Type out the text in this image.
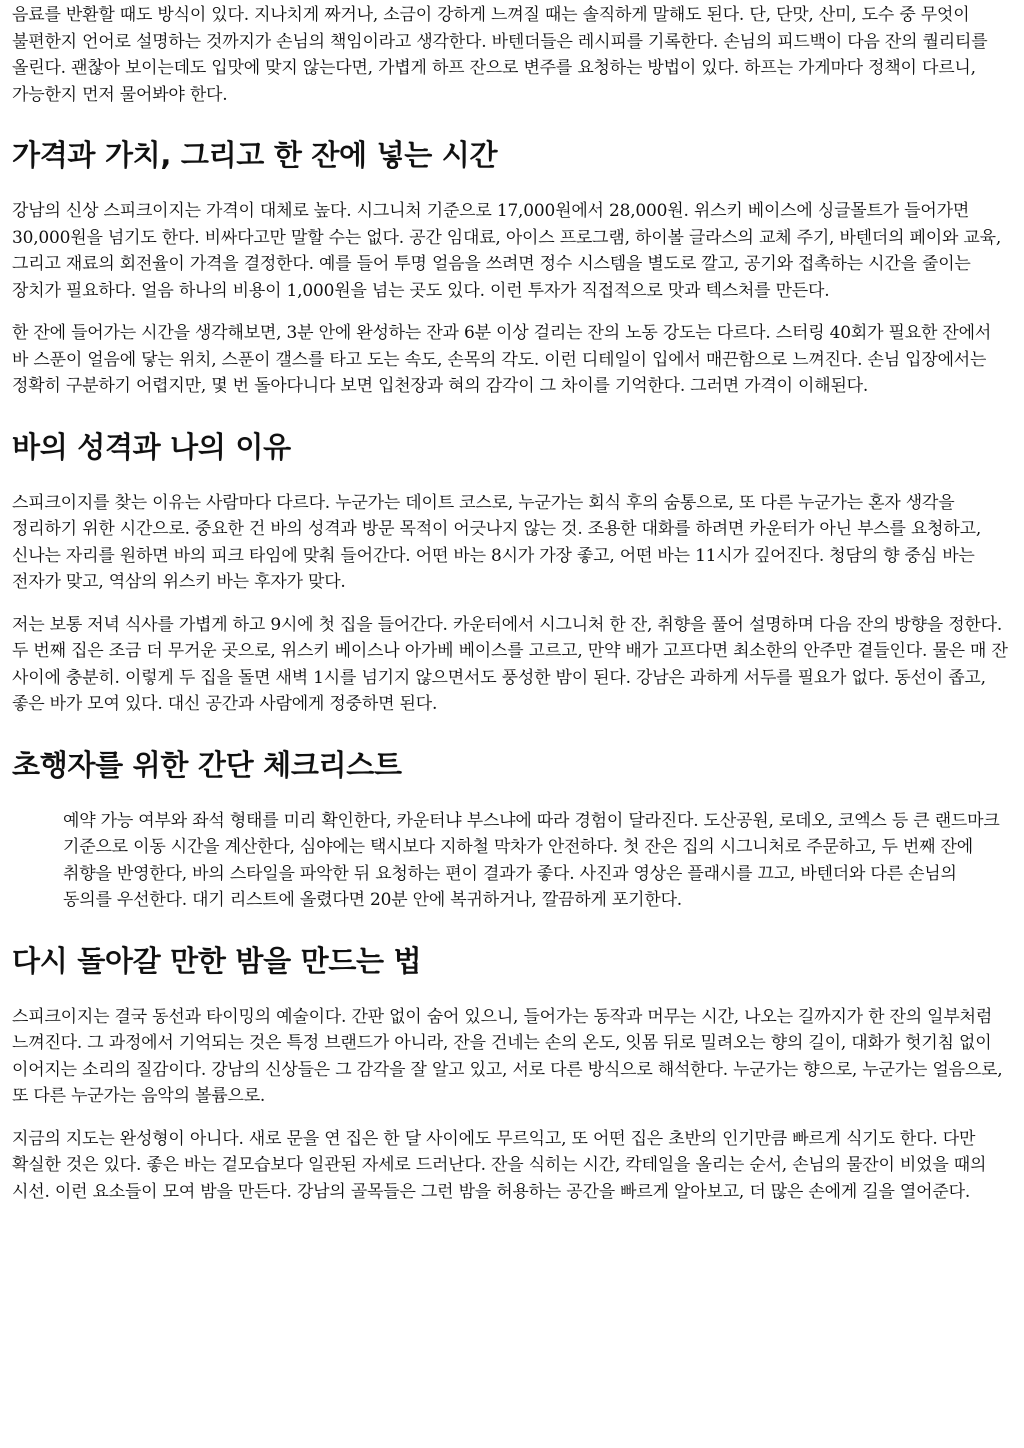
음료를 반환할 때도 방식이 있다. 지나치게 짜거나, 소금이 강하게 느껴질 때는 솔직하게 말해도 된다. 단, 단맛, 산미, 도수 중 무엇이 불편한지 언어로 설명하는 것까지가 손님의 책임이라고 생각한다. 바텐더들은 레시피를 기록한다. 손님의 피드백이 다음 잔의 퀄리티를 올린다. 괜찮아 보이는데도 입맛에 맞지 않는다면, 가볍게 하프 잔으로 변주를 요청하는 방법이 있다. 하프는 가게마다 정책이 다르니, 가능한지 먼저 물어봐야 한다.

가격과 가치, 그리고 한 잔에 넣는 시간

강남의 신상 스피크이지는 가격이 대체로 높다. 시그니처 기준으로 17,000원에서 28,000원. 위스키 베이스에 싱글몰트가 들어가면 30,000원을 넘기도 한다. 비싸다고만 말할 수는 없다. 공간 임대료, 아이스 프로그램, 하이볼 글라스의 교체 주기, 바텐더의 페이와 교육, 그리고 재료의 회전율이 가격을 결정한다. 예를 들어 투명 얼음을 쓰려면 정수 시스템을 별도로 깔고, 공기와 접촉하는 시간을 줄이는 장치가 필요하다. 얼음 하나의 비용이 1,000원을 넘는 곳도 있다. 이런 투자가 직접적으로 맛과 텍스처를 만든다.

한 잔에 들어가는 시간을 생각해보면, 3분 안에 완성하는 잔과 6분 이상 걸리는 잔의 노동 강도는 다르다. 스터링 40회가 필요한 잔에서 바 스푼이 얼음에 닿는 위치, 스푼이 갤스를 타고 도는 속도, 손목의 각도. 이런 디테일이 입에서 매끈함으로 느껴진다. 손님 입장에서는 정확히 구분하기 어렵지만, 몇 번 돌아다니다 보면 입천장과 혀의 감각이 그 차이를 기억한다. 그러면 가격이 이해된다.

바의 성격과 나의 이유

스피크이지를 찾는 이유는 사람마다 다르다. 누군가는 데이트 코스로, 누군가는 회식 후의 숨통으로, 또 다른 누군가는 혼자 생각을 정리하기 위한 시간으로. 중요한 건 바의 성격과 방문 목적이 어긋나지 않는 것. 조용한 대화를 하려면 카운터가 아닌 부스를 요청하고, 신나는 자리를 원하면 바의 피크 타임에 맞춰 들어간다. 어떤 바는 8시가 가장 좋고, 어떤 바는 11시가 깊어진다. 청담의 향 중심 바는 전자가 맞고, 역삼의 위스키 바는 후자가 맞다.

저는 보통 저녁 식사를 가볍게 하고 9시에 첫 집을 들어간다. 카운터에서 시그니처 한 잔, 취향을 풀어 설명하며 다음 잔의 방향을 정한다. 두 번째 집은 조금 더 무거운 곳으로, 위스키 베이스나 아가베 베이스를 고르고, 만약 배가 고프다면 최소한의 안주만 곁들인다. 물은 매 잔 사이에 충분히. 이렇게 두 집을 돌면 새벽 1시를 넘기지 않으면서도 풍성한 밤이 된다. 강남은 과하게 서두를 필요가 없다. 동선이 좁고, 좋은 바가 모여 있다. 대신 공간과 사람에게 정중하면 된다.

초행자를 위한 간단 체크리스트

예약 가능 여부와 좌석 형태를 미리 확인한다, 카운터냐 부스냐에 따라 경험이 달라진다. 도산공원, 로데오, 코엑스 등 큰 랜드마크 기준으로 이동 시간을 계산한다, 심야에는 택시보다 지하철 막차가 안전하다. 첫 잔은 집의 시그니처로 주문하고, 두 번째 잔에 취향을 반영한다, 바의 스타일을 파악한 뒤 요청하는 편이 결과가 좋다. 사진과 영상은 플래시를 끄고, 바텐더와 다른 손님의 동의를 우선한다. 대기 리스트에 올렸다면 20분 안에 복귀하거나, 깔끔하게 포기한다.

다시 돌아갈 만한 밤을 만드는 법

스피크이지는 결국 동선과 타이밍의 예술이다. 간판 없이 숨어 있으니, 들어가는 동작과 머무는 시간, 나오는 길까지가 한 잔의 일부처럼 느껴진다. 그 과정에서 기억되는 것은 특정 브랜드가 아니라, 잔을 건네는 손의 온도, 잇몸 뒤로 밀려오는 향의 길이, 대화가 헛기침 없이 이어지는 소리의 질감이다. 강남의 신상들은 그 감각을 잘 알고 있고, 서로 다른 방식으로 해석한다. 누군가는 향으로, 누군가는 얼음으로, 또 다른 누군가는 음악의 볼륨으로.

지금의 지도는 완성형이 아니다. 새로 문을 연 집은 한 달 사이에도 무르익고, 또 어떤 집은 초반의 인기만큼 빠르게 식기도 한다. 다만 확실한 것은 있다. 좋은 바는 겉모습보다 일관된 자세로 드러난다. 잔을 식히는 시간, 칵테일을 올리는 순서, 손님의 물잔이 비었을 때의 시선. 이런 요소들이 모여 밤을 만든다. 강남의 골목들은 그런 밤을 허용하는 공간을 빠르게 알아보고, 더 많은 손에게 길을 열어준다.
